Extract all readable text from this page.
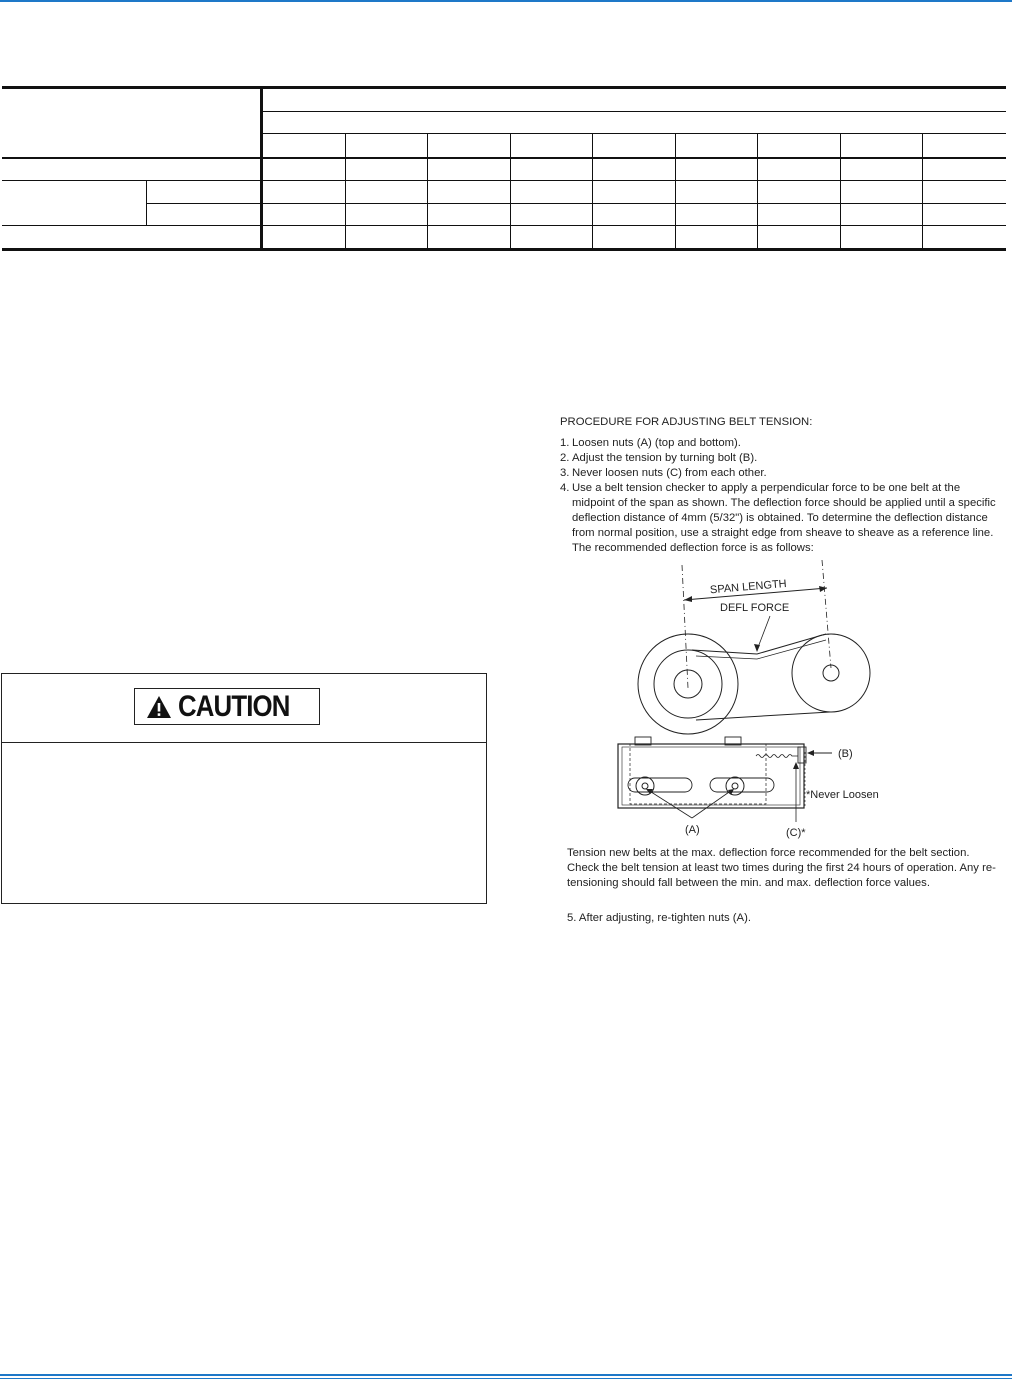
CAUTION
PROCEDURE FOR ADJUSTING BELT TENSION:
1. Loosen nuts (A) (top and bottom).
2. Adjust the tension by turning bolt (B).
3. Never loosen nuts (C) from each other.
4. Use a belt tension checker to apply a perpendicular force to be one belt at the midpoint of the span as shown. The deflection force should be applied until a specific deflection distance of 4mm (5/32") is obtained. To determine the deflection distance from normal position, use a straight edge from sheave to sheave as a reference line. The recommended deflection force is as follows:
SPAN LENGTH
DEFL FORCE
(B)
*Never Loosen
(A)	(C)*
Tension new belts at the max. deflection force recommended for the belt section. Check the belt tension at least two times during the first 24 hours of operation. Any re-tensioning should fall between the min. and max. deflection force values.
5. After adjusting, re-tighten nuts (A).
